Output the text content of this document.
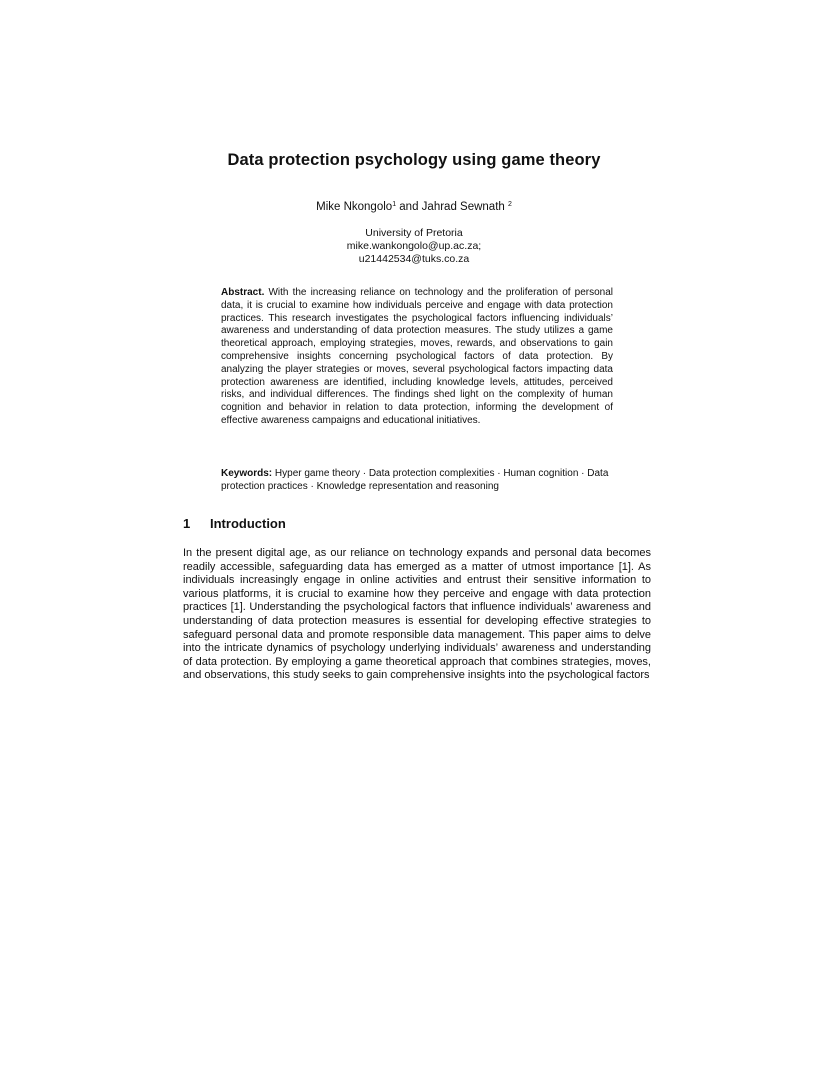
Data protection psychology using game theory
Mike Nkongolo$^1$ and Jahrad Sewnath $^2$
University of Pretoria
mike.wankongolo@up.ac.za;
u21442534@tuks.co.za
Abstract. With the increasing reliance on technology and the proliferation of personal data, it is crucial to examine how individuals perceive and engage with data protection practices. This research investigates the psychological factors influencing individuals’ awareness and understanding of data protection measures. The study utilizes a game theoretical approach, employing strategies, moves, rewards, and observations to gain comprehensive insights concerning psychological factors of data protection. By analyzing the player strategies or moves, several psychological factors impacting data protection awareness are identified, including knowledge levels, attitudes, perceived risks, and individual differences. The findings shed light on the complexity of human cognition and behavior in relation to data protection, informing the development of effective awareness campaigns and educational initiatives.
Keywords: Hyper game theory · Data protection complexities · Human cognition · Data protection practices · Knowledge representation and reasoning
1 Introduction
In the present digital age, as our reliance on technology expands and personal data becomes readily accessible, safeguarding data has emerged as a matter of utmost importance [1]. As individuals increasingly engage in online activities and entrust their sensitive information to various platforms, it is crucial to examine how they perceive and engage with data protection practices [1]. Understanding the psychological factors that influence individuals’ awareness and understanding of data protection measures is essential for developing effective strategies to safeguard personal data and promote responsible data management. This paper aims to delve into the intricate dynamics of psychology underlying individuals’ awareness and understanding of data protection. By employing a game theoretical approach that combines strategies, moves, and observations, this study seeks to gain comprehensive insights into the psychological factors
